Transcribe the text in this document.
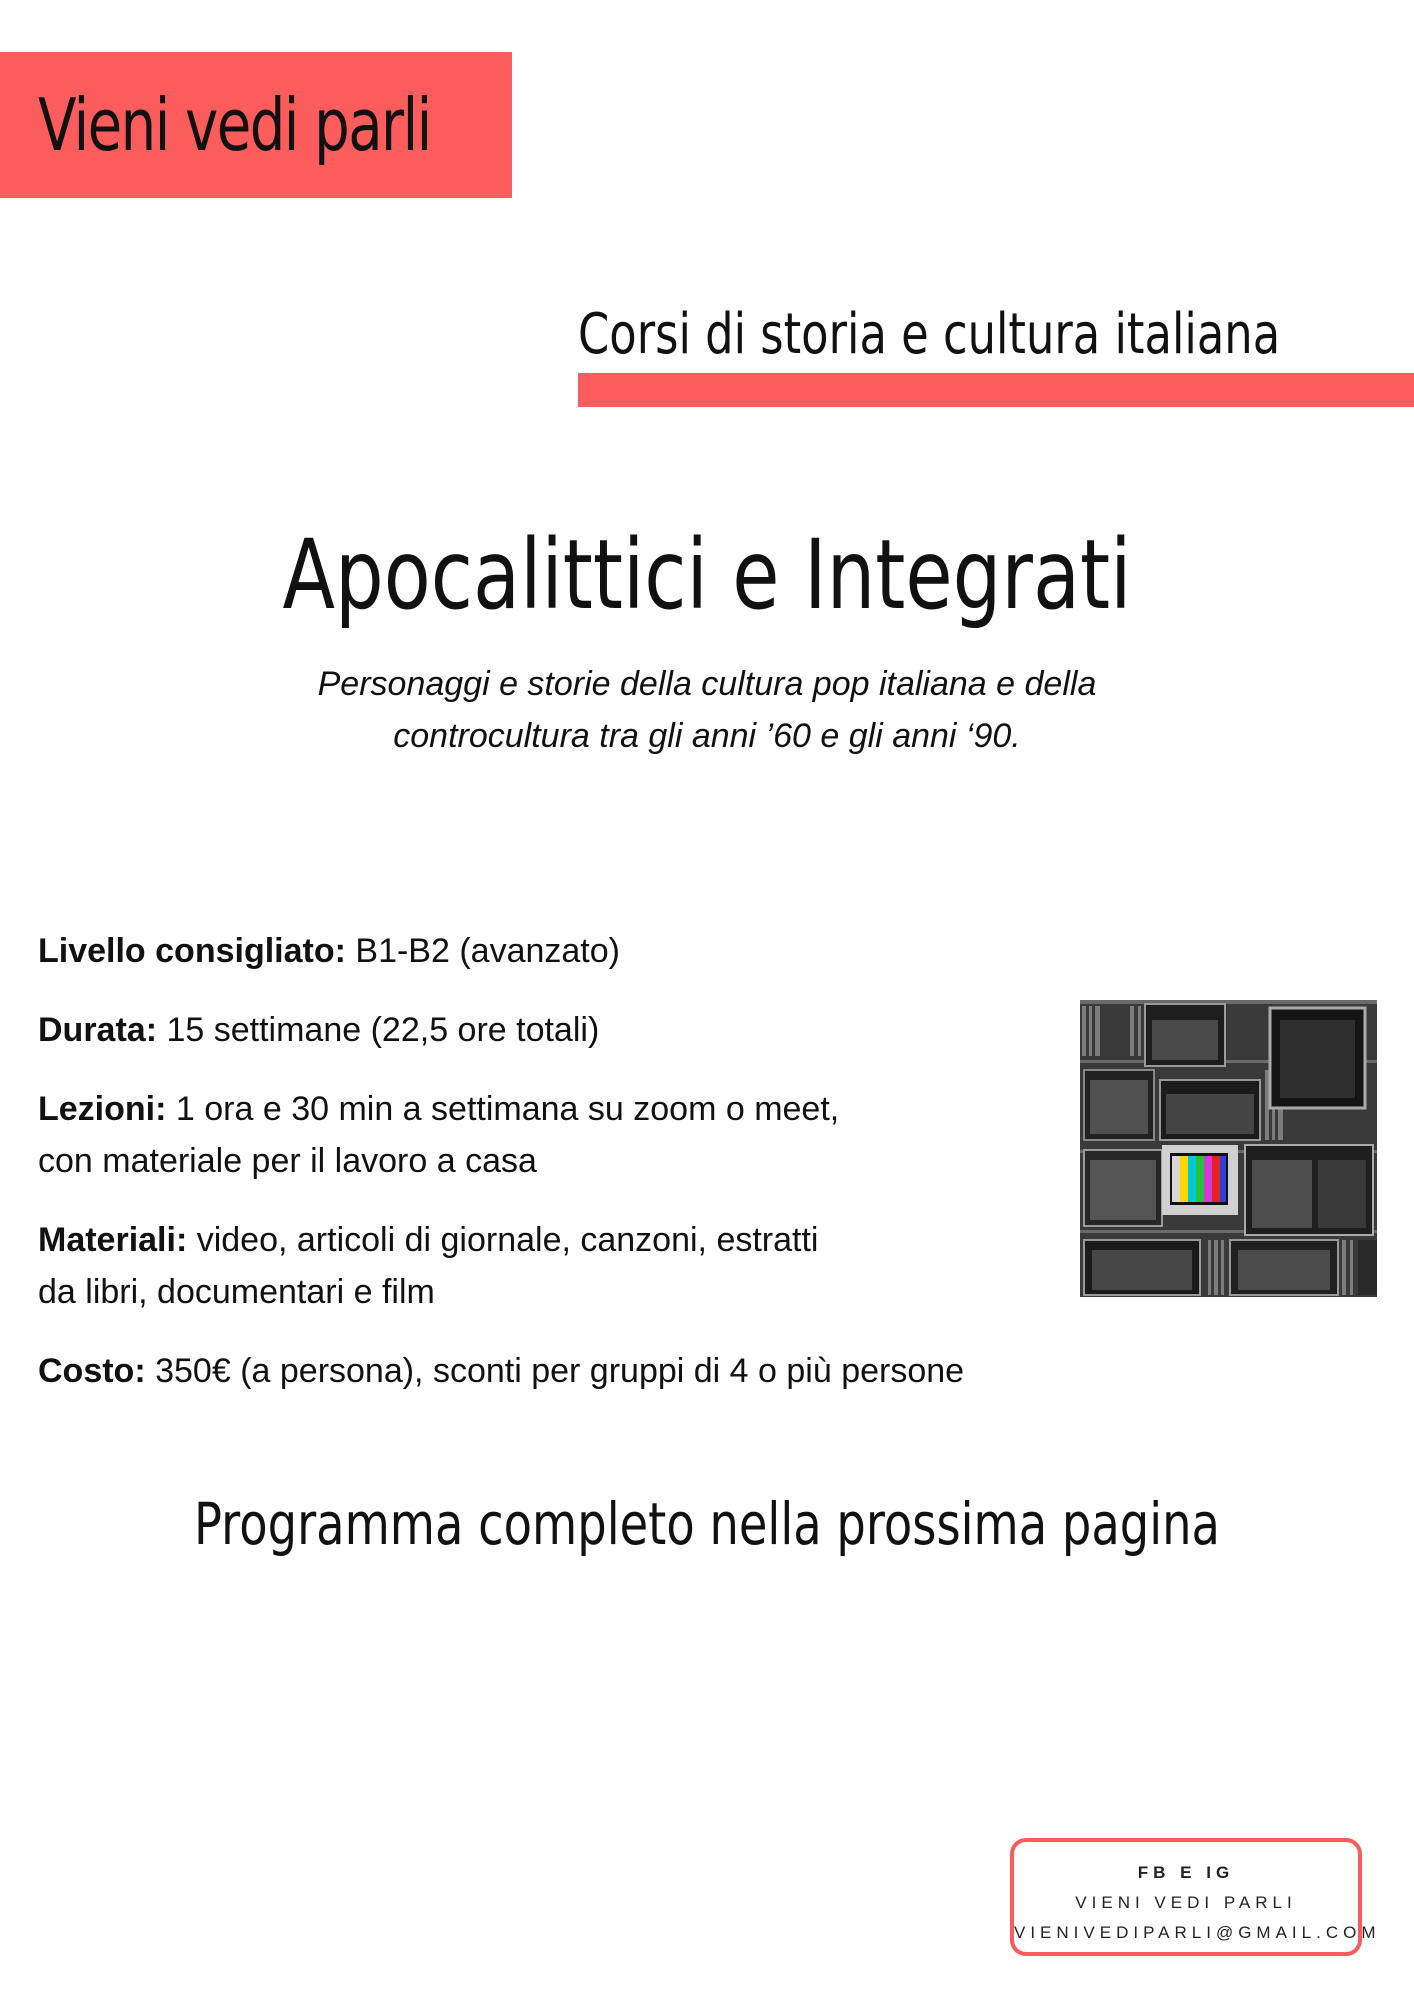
Vieni vedi parli
Corsi di storia e cultura italiana
Apocalittici e Integrati
Personaggi e storie della cultura pop italiana e della
controcultura tra gli anni ’60 e gli anni ‘90.
Livello consigliato: B1-B2 (avanzato)
Durata: 15 settimane (22,5 ore totali)
Lezioni: 1 ora e 30 min a settimana su zoom o meet,
con materiale per il lavoro a casa
Materiali: video, articoli di giornale, canzoni, estratti
da libri, documentari e film
Costo: 350€ (a persona), sconti per gruppi di 4 o più persone
Programma completo nella prossima pagina
FB E IG
VIENI VEDI PARLI
VIENIVEDIPARLI@GMAIL.COM
